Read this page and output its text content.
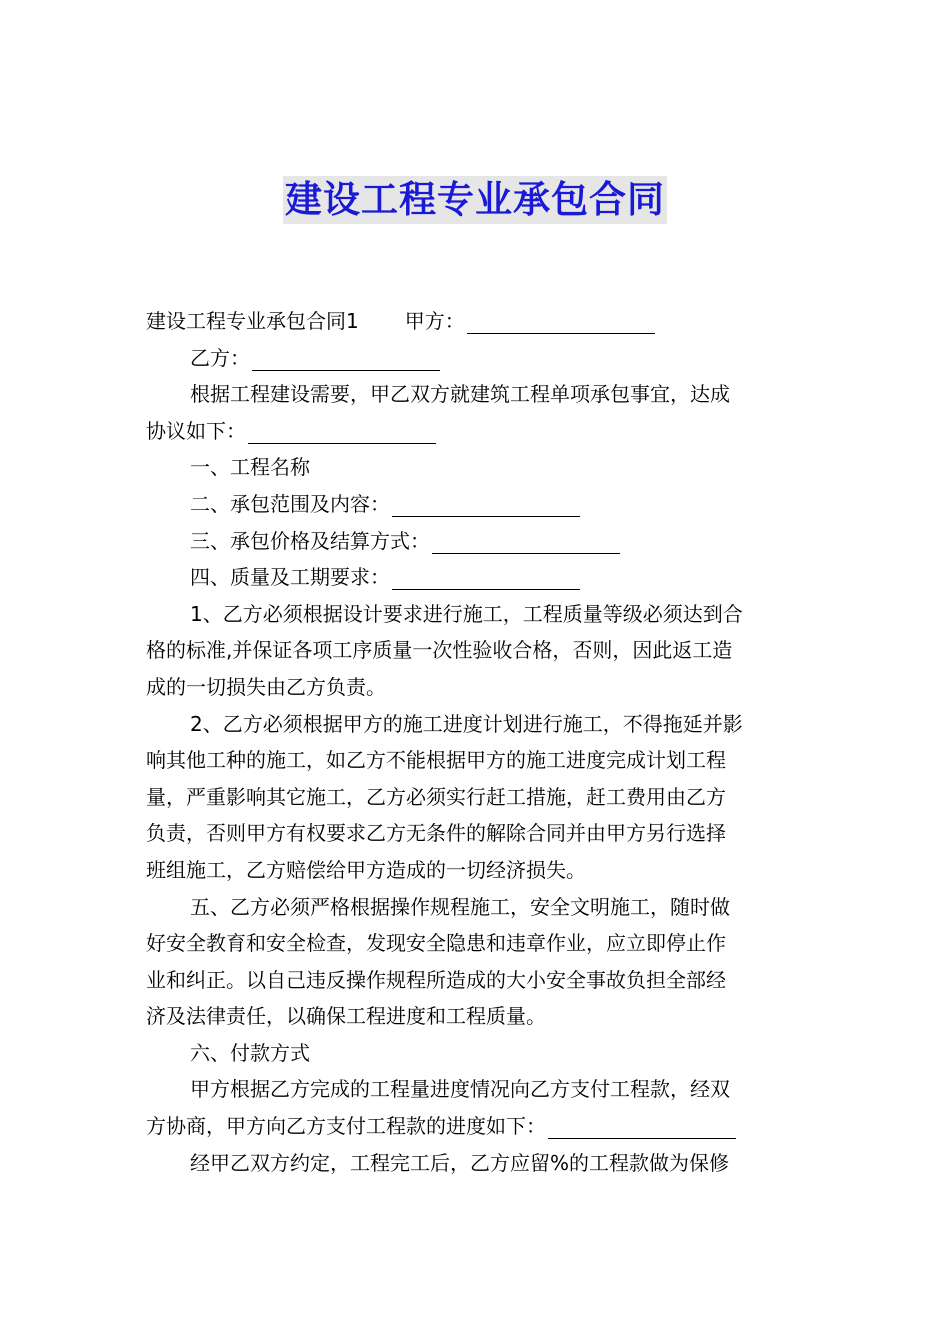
建设工程专业承包合同

建设工程专业承包合同1 甲方：

乙方：

根据工程建设需要，甲乙双方就建筑工程单项承包事宜，达成

协议如下：

一、工程名称

二、承包范围及内容：

三、承包价格及结算方式：

四、质量及工期要求：

1、乙方必须根据设计要求进行施工，工程质量等级必须达到合

格的标准,并保证各项工序质量一次性验收合格，否则，因此返工造

成的一切损失由乙方负责。

2、乙方必须根据甲方的施工进度计划进行施工，不得拖延并影

响其他工种的施工，如乙方不能根据甲方的施工进度完成计划工程

量，严重影响其它施工，乙方必须实行赶工措施，赶工费用由乙方

负责，否则甲方有权要求乙方无条件的解除合同并由甲方另行选择

班组施工，乙方赔偿给甲方造成的一切经济损失。

五、乙方必须严格根据操作规程施工，安全文明施工，随时做

好安全教育和安全检查，发现安全隐患和违章作业，应立即停止作

业和纠正。以自己违反操作规程所造成的大小安全事故负担全部经

济及法律责任，以确保工程进度和工程质量。

六、付款方式

甲方根据乙方完成的工程量进度情况向乙方支付工程款，经双

方协商，甲方向乙方支付工程款的进度如下：

经甲乙双方约定，工程完工后，乙方应留%的工程款做为保修
